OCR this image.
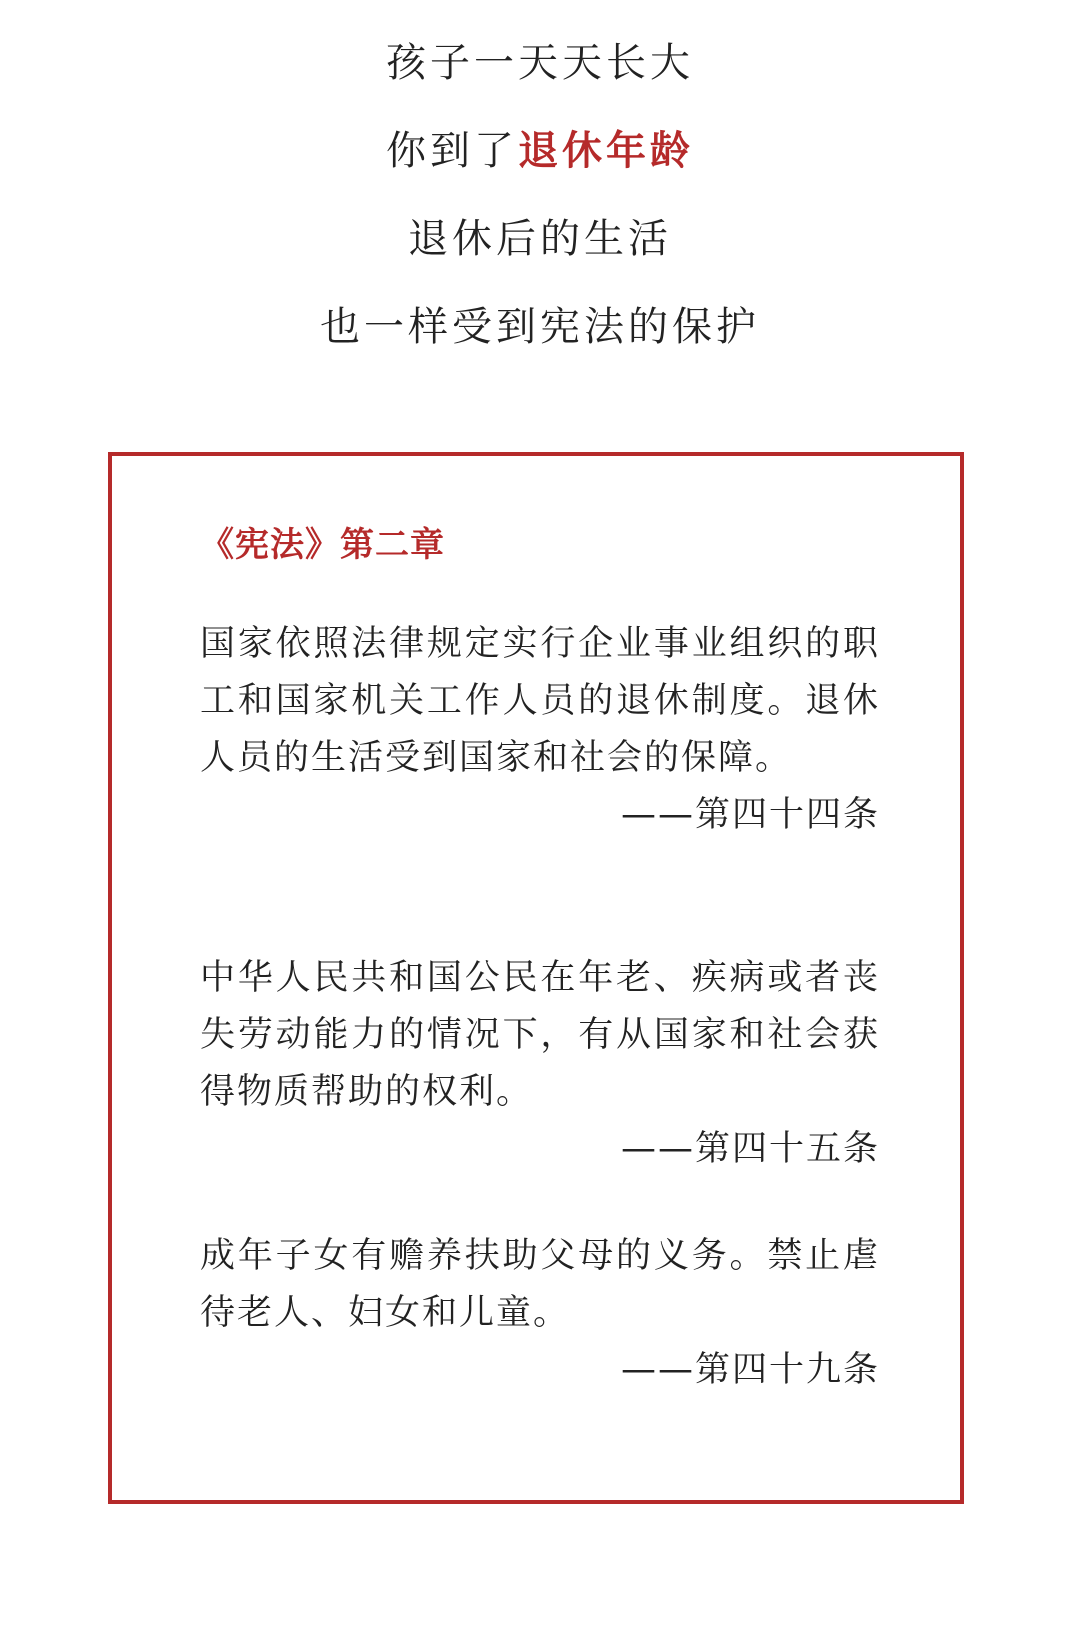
孩子一天天长大
你到了退休年龄
退休后的生活
也一样受到宪法的保护
《宪法》第二章
国家依照法律规定实行企业事业组织的职工和国家机关工作人员的退休制度。退休人员的生活受到国家和社会的保障。
——第四十四条
中华人民共和国公民在年老、疾病或者丧失劳动能力的情况下，有从国家和社会获得物质帮助的权利。
——第四十五条
成年子女有赡养扶助父母的义务。禁止虐待老人、妇女和儿童。
——第四十九条
